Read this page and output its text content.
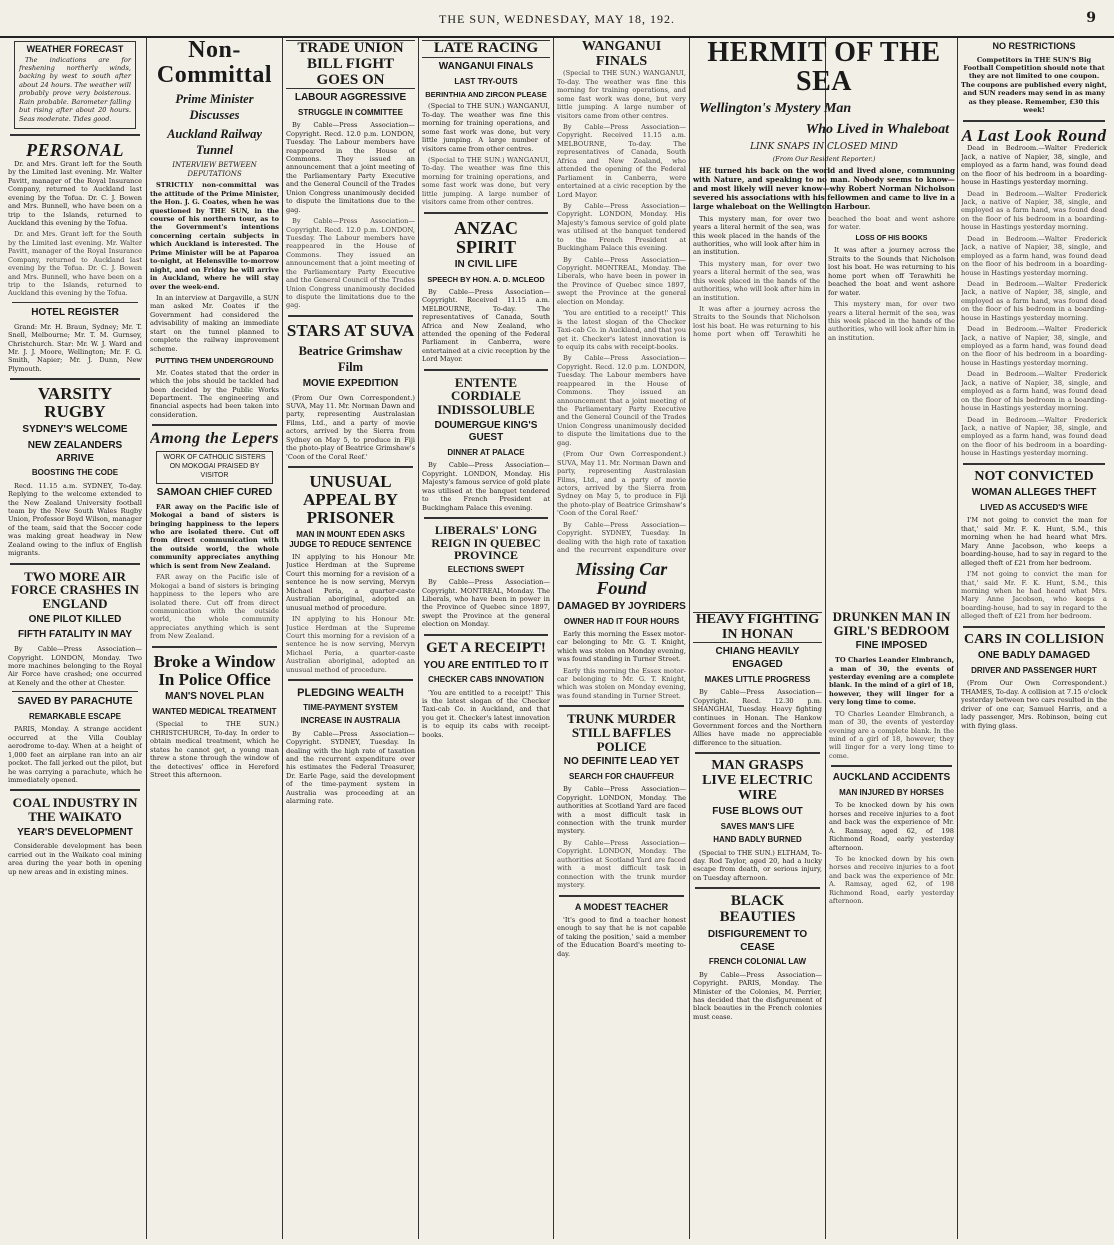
THE SUN, WEDNESDAY, MAY 18, 192.	9
WEATHER FORECAST

The indications are for freshening northerly winds, backing by west to south after about 24 hours. The weather will probably prove very boisterous. Rain probable. Barometer falling but rising after about 20 hours. Seas moderate. Tides good.

PERSONAL

Dr. and Mrs. Grant left for the South by the Limited last evening. Mr. Walter Pavitt, manager of the Royal Insurance Company, returned to Auckland last evening by the Tofua. Dr. C. J. Bowen and Mrs. Bunnell, who have been on a trip to the Islands, returned to Auckland this evening by the Tofua.

Dr. and Mrs. Grant left for the South by the Limited last evening. Mr. Walter Pavitt, manager of the Royal Insurance Company, returned to Auckland last evening by the Tofua. Dr. C. J. Bowen and Mrs. Bunnell, who have been on a trip to the Islands, returned to Auckland this evening by the Tofua.

HOTEL REGISTER

Grand: Mr. H. Braun, Sydney; Mr. T. Snell, Melbourne; Mr. T. M. Gurnsey, Christchurch. Star: Mr. W. J. Ward and Mr. J. J. Moore, Wellington; Mr. F. G. Smith, Napier; Mr. J. Dunn, New Plymouth.

VARSITY RUGBY
SYDNEY'S WELCOME
NEW ZEALANDERS ARRIVE
BOOSTING THE CODE

Recd. 11.15 a.m. SYDNEY, To-day. Replying to the welcome extended to the New Zealand University football team by the New South Wales Rugby Union, Professor Boyd Wilson, manager of the team, said that the Soccer code was making great headway in New Zealand owing to the influx of English migrants.

TWO MORE AIR FORCE CRASHES IN ENGLAND
ONE PILOT KILLED
FIFTH FATALITY IN MAY

By Cable—Press Association—Copyright. LONDON, Monday. Two more machines belonging to the Royal Air Force have crashed; one occurred at Kenely and the other at Chester.

SAVED BY PARACHUTE
REMARKABLE ESCAPE

PARIS, Monday. A strange accident occurred at the Villa Coublay aerodrome to-day. When at a height of 1,000 feet an airplane ran into an air pocket. The fall jerked out the pilot, but he was carrying a parachute, which he immediately opened.

COAL INDUSTRY IN THE WAIKATO
YEAR'S DEVELOPMENT

Considerable development has been carried out in the Waikato coal mining area during the year both in opening up new areas and in existing mines.

Non-Committal
Prime Minister Discusses
Auckland Railway Tunnel
INTERVIEW BETWEEN DEPUTATIONS

STRICTLY non-committal was the attitude of the Prime Minister, the Hon. J. G. Coates, when he was questioned by THE SUN, in the course of his northern tour, as to the Government's intentions concerning certain subjects in which Auckland is interested. The Prime Minister will be at Paparoa to-night, at Helensville to-morrow night, and on Friday he will arrive in Auckland, where he will stay over the week-end.

In an interview at Dargaville, a SUN man asked Mr. Coates if the Government had considered the advisability of making an immediate start on the tunnel planned to complete the railway improvement scheme.

PUTTING THEM UNDERGROUND

Mr. Coates stated that the order in which the jobs should be tackled had been decided by the Public Works Department. The engineering and financial aspects had been taken into consideration.

Among the Lepers
WORK OF CATHOLIC SISTERS ON MOKOGAI PRAISED BY VISITOR
SAMOAN CHIEF CURED

FAR away on the Pacific isle of Mokogai a band of sisters is bringing happiness to the lepers who are isolated there. Cut off from direct communication with the outside world, the whole community appreciates anything which is sent from New Zealand.

FAR away on the Pacific isle of Mokogai a band of sisters is bringing happiness to the lepers who are isolated there. Cut off from direct communication with the outside world, the whole community appreciates anything which is sent from New Zealand.

Broke a Window In Police Office
MAN'S NOVEL PLAN
WANTED MEDICAL TREATMENT

(Special to THE SUN.) CHRISTCHURCH, To-day. In order to obtain medical treatment, which he states he cannot get, a young man threw a stone through the window of the detectives' office in Hereford Street this afternoon.

TRADE UNION BILL FIGHT GOES ON
LABOUR AGGRESSIVE
STRUGGLE IN COMMITTEE

By Cable—Press Association—Copyright. Recd. 12.0 p.m. LONDON, Tuesday. The Labour members have reappeared in the House of Commons. They issued an announcement that a joint meeting of the Parliamentary Party Executive and the General Council of the Trades Union Congress unanimously decided to dispute the limitations due to the gag.

By Cable—Press Association—Copyright. Recd. 12.0 p.m. LONDON, Tuesday. The Labour members have reappeared in the House of Commons. They issued an announcement that a joint meeting of the Parliamentary Party Executive and the General Council of the Trades Union Congress unanimously decided to dispute the limitations due to the gag.

STARS AT SUVA
Beatrice Grimshaw Film
MOVIE EXPEDITION

(From Our Own Correspondent.) SUVA, May 11. Mr. Norman Dawn and party, representing Australasian Films, Ltd., and a party of movie actors, arrived by the Sierra from Sydney on May 5, to produce in Fiji the photo-play of Beatrice Grimshaw's 'Coon of the Coral Reef.'

UNUSUAL APPEAL BY PRISONER
MAN IN MOUNT EDEN ASKS JUDGE TO REDUCE SENTENCE

IN applying to his Honour Mr. Justice Herdman at the Supreme Court this morning for a revision of a sentence he is now serving, Mervyn Michael Peria, a quarter-caste Australian aboriginal, adopted an unusual method of procedure.

IN applying to his Honour Mr. Justice Herdman at the Supreme Court this morning for a revision of a sentence he is now serving, Mervyn Michael Peria, a quarter-caste Australian aboriginal, adopted an unusual method of procedure.

PLEDGING WEALTH
TIME-PAYMENT SYSTEM
INCREASE IN AUSTRALIA

By Cable—Press Association—Copyright. SYDNEY, Tuesday. In dealing with the high rate of taxation and the recurrent expenditure over his estimates the Federal Treasurer, Dr. Earle Page, said the development of the time-payment system in Australia was proceeding at an alarming rate.

LATE RACING
WANGANUI FINALS
LAST TRY-OUTS
BERINTHIA AND ZIRCON PLEASE

(Special to THE SUN.) WANGANUI, To-day. The weather was fine this morning for training operations, and some fast work was done, but very little jumping. A large number of visitors came from other centres.

(Special to THE SUN.) WANGANUI, To-day. The weather was fine this morning for training operations, and some fast work was done, but very little jumping. A large number of visitors came from other centres.

ANZAC SPIRIT
IN CIVIL LIFE
SPEECH BY HON. A. D. MCLEOD

By Cable—Press Association—Copyright. Received 11.15 a.m. MELBOURNE, To-day. The representatives of Canada, South Africa and New Zealand, who attended the opening of the Federal Parliament in Canberra, were entertained at a civic reception by the Lord Mayor.

ENTENTE CORDIALE INDISSOLUBLE
DOUMERGUE KING'S GUEST
DINNER AT PALACE

By Cable—Press Association—Copyright. LONDON, Monday. His Majesty's famous service of gold plate was utilised at the banquet tendered to the French President at Buckingham Palace this evening.

LIBERALS' LONG REIGN IN QUEBEC PROVINCE
ELECTIONS SWEPT

By Cable—Press Association—Copyright. MONTREAL, Monday. The Liberals, who have been in power in the Province of Quebec since 1897, swept the Province at the general election on Monday.

GET A RECEIPT!
YOU ARE ENTITLED TO IT
CHECKER CABS INNOVATION

'You are entitled to a receipt!' This is the latest slogan of the Checker Taxi-cab Co. in Auckland, and that you get it. Checker's latest innovation is to equip its cabs with receipt-books.

HERMIT OF THE SEA
Wellington's Mystery Man
Who Lived in Whaleboat
LINK SNAPS IN CLOSED MIND
(From Our Resident Reporter.)

HE turned his back on the world and lived alone, communing with Nature, and speaking to no man. Nobody seems to know—and most likely will never know—why Robert Norman Nicholson severed his associations with his fellowmen and came to live in a large whaleboat on the Wellington Harbour.

This mystery man, for over two years a literal hermit of the sea, was this week placed in the hands of the authorities, who will look after him in an institution.

This mystery man, for over two years a literal hermit of the sea, was this week placed in the hands of the authorities, who will look after him in an institution.

It was after a journey across the Straits to the Sounds that Nicholson lost his boat. He was returning to his home port when off Terawhiti he beached the boat and went ashore for water.

LOSS OF HIS BOOKS

It was after a journey across the Straits to the Sounds that Nicholson lost his boat. He was returning to his home port when off Terawhiti he beached the boat and went ashore for water.

This mystery man, for over two years a literal hermit of the sea, was this week placed in the hands of the authorities, who will look after him in an institution.

Missing Car Found
DAMAGED BY JOYRIDERS
OWNER HAD IT FOUR HOURS

Early this morning the Essex motor-car belonging to Mr. G. T. Knight, which was stolen on Monday evening, was found standing in Turner Street.

Early this morning the Essex motor-car belonging to Mr. G. T. Knight, which was stolen on Monday evening, was found standing in Turner Street.

TRUNK MURDER STILL BAFFLES POLICE
NO DEFINITE LEAD YET
SEARCH FOR CHAUFFEUR

By Cable—Press Association—Copyright. LONDON, Monday. The authorities at Scotland Yard are faced with a most difficult task in connection with the trunk murder mystery.

By Cable—Press Association—Copyright. LONDON, Monday. The authorities at Scotland Yard are faced with a most difficult task in connection with the trunk murder mystery.

A MODEST TEACHER

'It's good to find a teacher honest enough to say that he is not capable of taking the position,' said a member of the Education Board's meeting to-day.

WANGANUI FINALS

(Special to THE SUN.) WANGANUI, To-day. The weather was fine this morning for training operations, and some fast work was done, but very little jumping. A large number of visitors came from other centres.

By Cable—Press Association—Copyright. Received 11.15 a.m. MELBOURNE, To-day. The representatives of Canada, South Africa and New Zealand, who attended the opening of the Federal Parliament in Canberra, were entertained at a civic reception by the Lord Mayor.

By Cable—Press Association—Copyright. LONDON, Monday. His Majesty's famous service of gold plate was utilised at the banquet tendered to the French President at Buckingham Palace this evening.

By Cable—Press Association—Copyright. MONTREAL, Monday. The Liberals, who have been in power in the Province of Quebec since 1897, swept the Province at the general election on Monday.

'You are entitled to a receipt!' This is the latest slogan of the Checker Taxi-cab Co. in Auckland, and that you get it. Checker's latest innovation is to equip its cabs with receipt-books.

By Cable—Press Association—Copyright. Recd. 12.0 p.m. LONDON, Tuesday. The Labour members have reappeared in the House of Commons. They issued an announcement that a joint meeting of the Parliamentary Party Executive and the General Council of the Trades Union Congress unanimously decided to dispute the limitations due to the gag.

(From Our Own Correspondent.) SUVA, May 11. Mr. Norman Dawn and party, representing Australasian Films, Ltd., and a party of movie actors, arrived by the Sierra from Sydney on May 5, to produce in Fiji the photo-play of Beatrice Grimshaw's 'Coon of the Coral Reef.'

By Cable—Press Association—Copyright. SYDNEY, Tuesday. In dealing with the high rate of taxation and the recurrent expenditure over

HEAVY FIGHTING IN HONAN
CHIANG HEAVILY ENGAGED
MAKES LITTLE PROGRESS

By Cable—Press Association—Copyright. Recd. 12.30 p.m. SHANGHAI, Tuesday. Heavy fighting continues in Honan. The Hankow Government forces and the Northern Allies have made no appreciable difference to the situation.

MAN GRASPS LIVE ELECTRIC WIRE
FUSE BLOWS OUT
SAVES MAN'S LIFE
HAND BADLY BURNED

(Special to THE SUN.) ELTHAM, To-day. Rod Taylor, aged 20, had a lucky escape from death, or serious injury, on Tuesday afternoon.

BLACK BEAUTIES
DISFIGUREMENT TO CEASE
FRENCH COLONIAL LAW

By Cable—Press Association—Copyright. PARIS, Monday. The Minister of the Colonies, M. Perrier, has decided that the disfigurement of black beauties in the French colonies must cease.

DRUNKEN MAN IN GIRL'S BEDROOM
FINE IMPOSED

TO Charles Leander Elmbranch, a man of 30, the events of yesterday evening are a complete blank. In the mind of a girl of 18, however, they will linger for a very long time to come.

TO Charles Leander Elmbranch, a man of 30, the events of yesterday evening are a complete blank. In the mind of a girl of 18, however, they will linger for a very long time to come.

AUCKLAND ACCIDENTS
MAN INJURED BY HORSES

To be knocked down by his own horses and receive injuries to a foot and back was the experience of Mr. A. Ramsay, aged 62, of 198 Richmond Road, early yesterday afternoon.

To be knocked down by his own horses and receive injuries to a foot and back was the experience of Mr. A. Ramsay, aged 62, of 198 Richmond Road, early yesterday afternoon.

NO RESTRICTIONS

Competitors in THE SUN'S Big Football Competition should note that they are not limited to one coupon. The coupons are published every night, and SUN readers may send in as many as they please. Remember, £30 this week!

A Last Look Round

Dead in Bedroom.—Walter Frederick Jack, a native of Napier, 38, single, and employed as a farm hand, was found dead on the floor of his bedroom in a boarding-house in Hastings yesterday morning.

Dead in Bedroom.—Walter Frederick Jack, a native of Napier, 38, single, and employed as a farm hand, was found dead on the floor of his bedroom in a boarding-house in Hastings yesterday morning.

Dead in Bedroom.—Walter Frederick Jack, a native of Napier, 38, single, and employed as a farm hand, was found dead on the floor of his bedroom in a boarding-house in Hastings yesterday morning.

Dead in Bedroom.—Walter Frederick Jack, a native of Napier, 38, single, and employed as a farm hand, was found dead on the floor of his bedroom in a boarding-house in Hastings yesterday morning.

Dead in Bedroom.—Walter Frederick Jack, a native of Napier, 38, single, and employed as a farm hand, was found dead on the floor of his bedroom in a boarding-house in Hastings yesterday morning.

Dead in Bedroom.—Walter Frederick Jack, a native of Napier, 38, single, and employed as a farm hand, was found dead on the floor of his bedroom in a boarding-house in Hastings yesterday morning.

Dead in Bedroom.—Walter Frederick Jack, a native of Napier, 38, single, and employed as a farm hand, was found dead on the floor of his bedroom in a boarding-house in Hastings yesterday morning.

NOT CONVICTED
WOMAN ALLEGES THEFT
LIVED AS ACCUSED'S WIFE

I'M not going to convict the man for that,' said Mr. F. K. Hunt, S.M., this morning when he had heard what Mrs. Mary Anne Jacobson, who keeps a boarding-house, had to say in regard to the alleged theft of £21 from her bedroom.

I'M not going to convict the man for that,' said Mr. F. K. Hunt, S.M., this morning when he had heard what Mrs. Mary Anne Jacobson, who keeps a boarding-house, had to say in regard to the alleged theft of £21 from her bedroom.

CARS IN COLLISION
ONE BADLY DAMAGED
DRIVER AND PASSENGER HURT

(From Our Own Correspondent.) THAMES, To-day. A collision at 7.15 o'clock yesterday between two cars resulted in the driver of one car, Samuel Harris, and a lady passenger, Mrs. Robinson, being cut with flying glass.
